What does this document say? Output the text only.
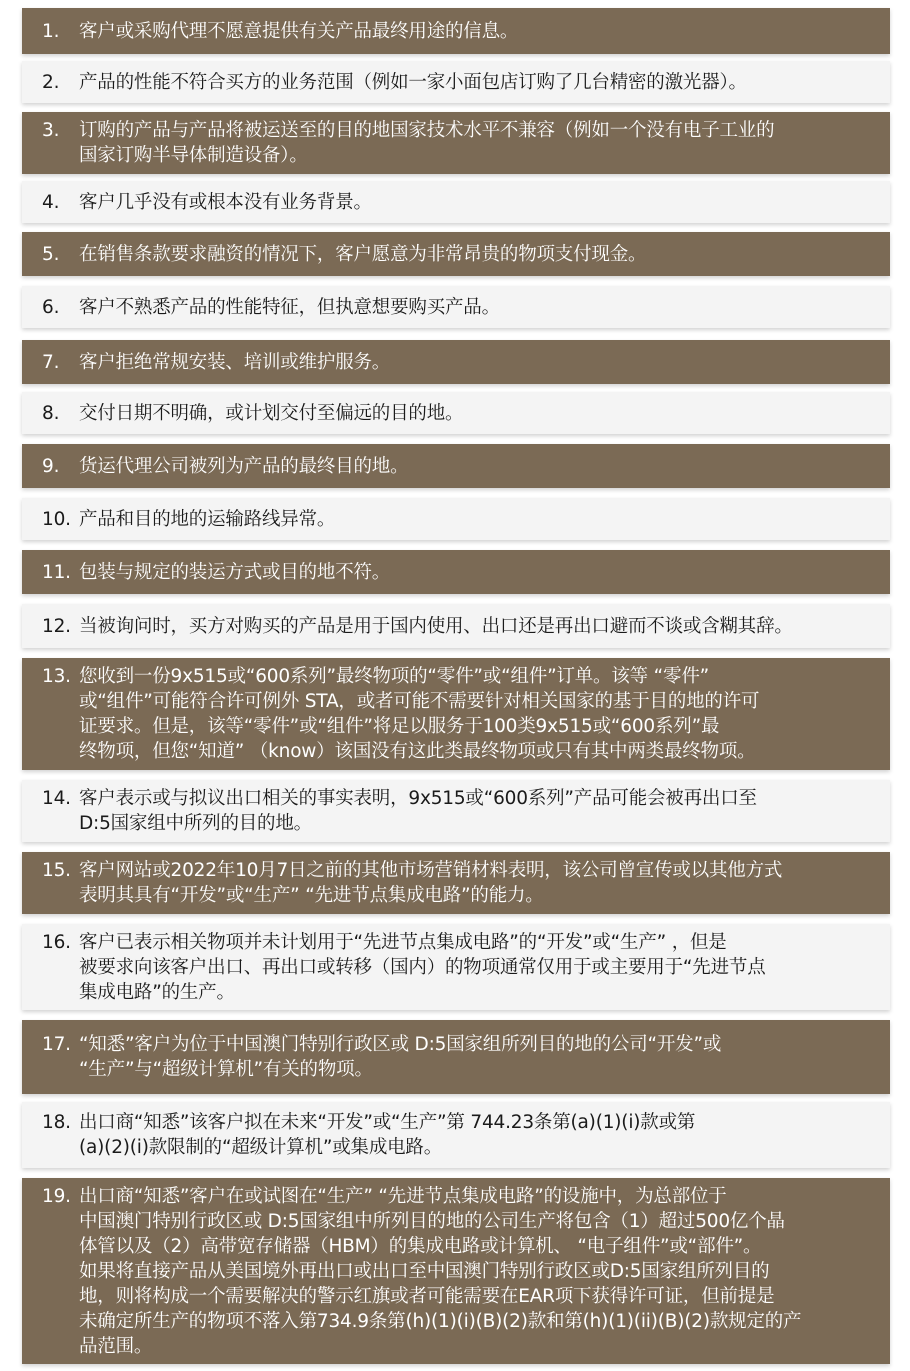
1. 客户或采购代理不愿意提供有关产品最终用途的信息。
2. 产品的性能不符合买方的业务范围（例如一家小面包店订购了几台精密的激光器）。
3. 订购的产品与产品将被运送至的目的地国家技术水平不兼容（例如一个没有电子工业的
国家订购半导体制造设备）。
4. 客户几乎没有或根本没有业务背景。
5. 在销售条款要求融资的情况下，客户愿意为非常昂贵的物项支付现金。
6. 客户不熟悉产品的性能特征，但执意想要购买产品。
7. 客户拒绝常规安装、培训或维护服务。
8. 交付日期不明确，或计划交付至偏远的目的地。
9. 货运代理公司被列为产品的最终目的地。
10. 产品和目的地的运输路线异常。
11. 包装与规定的装运方式或目的地不符。
12. 当被询问时，买方对购买的产品是用于国内使用、出口还是再出口避而不谈或含糊其辞。
13. 您收到一份9x515或“600系列”最终物项的“零件”或“组件”订单。该等 “零件”
或“组件”可能符合许可例外 STA，或者可能不需要针对相关国家的基于目的地的许可
证要求。但是，该等“零件”或“组件”将足以服务于100类9x515或“600系列”最
终物项，但您“知道” （know）该国没有这此类最终物项或只有其中两类最终物项。
14. 客户表示或与拟议出口相关的事实表明，9x515或“600系列”产品可能会被再出口至
D:5国家组中所列的目的地。
15. 客户网站或2022年10月7日之前的其他市场营销材料表明，该公司曾宣传或以其他方式
表明其具有“开发”或“生产” “先进节点集成电路”的能力。
16. 客户已表示相关物项并未计划用于“先进节点集成电路”的“开发”或“生产” ，但是
被要求向该客户出口、再出口或转移（国内）的物项通常仅用于或主要用于“先进节点
集成电路”的生产。
17. “知悉”客户为位于中国澳门特别行政区或 D:5国家组所列目的地的公司“开发”或
“生产”与“超级计算机”有关的物项。
18. 出口商“知悉”该客户拟在未来“开发”或“生产”第 744.23条第(a)(1)(i)款或第
(a)(2)(i)款限制的“超级计算机”或集成电路。
19. 出口商“知悉”客户在或试图在“生产” “先进节点集成电路”的设施中，为总部位于
中国澳门特别行政区或 D:5国家组中所列目的地的公司生产将包含（1）超过500亿个晶
体管以及（2）高带宽存储器（HBM）的集成电路或计算机、 “电子组件”或“部件”。
如果将直接产品从美国境外再出口或出口至中国澳门特别行政区或D:5国家组所列目的
地，则将构成一个需要解决的警示红旗或者可能需要在EAR项下获得许可证，但前提是
未确定所生产的物项不落入第734.9条第(h)(1)(i)(B)(2)款和第(h)(1)(ii)(B)(2)款规定的产
品范围。
